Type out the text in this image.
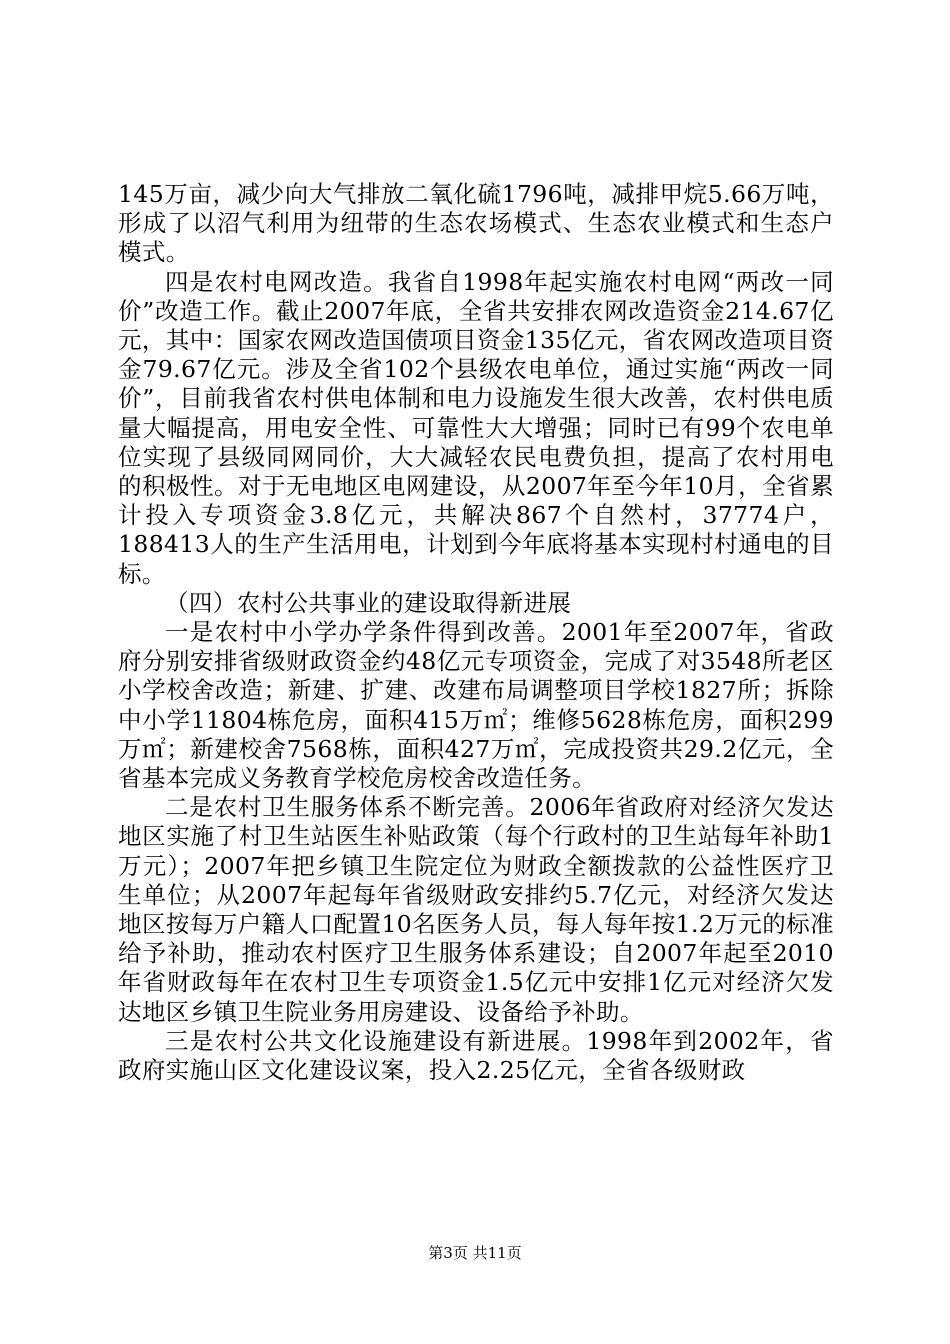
145万亩，减少向大气排放二氧化硫1796吨，减排甲烷5.66万吨，形成了以沼气利用为纽带的生态农场模式、生态农业模式和生态户模式。

四是农村电网改造。我省自1998年起实施农村电网“两改一同价”改造工作。截止2007年底，全省共安排农网改造资金214.67亿元，其中：国家农网改造国债项目资金135亿元，省农网改造项目资金79.67亿元。涉及全省102个县级农电单位，通过实施“两改一同价”，目前我省农村供电体制和电力设施发生很大改善，农村供电质量大幅提高，用电安全性、可靠性大大增强；同时已有99个农电单位实现了县级同网同价，大大减轻农民电费负担，提高了农村用电的积极性。对于无电地区电网建设，从2007年至今年10月，全省累计投入专项资金3.8亿元，共解决867个自然村，37774户，188413人的生产生活用电，计划到今年底将基本实现村村通电的目标。

（四）农村公共事业的建设取得新进展

一是农村中小学办学条件得到改善。2001年至2007年，省政府分别安排省级财政资金约48亿元专项资金，完成了对3548所老区小学校舍改造；新建、扩建、改建布局调整项目学校1827所；拆除中小学11804栋危房，面积415万㎡；维修5628栋危房，面积299万㎡；新建校舍7568栋，面积427万㎡，完成投资共29.2亿元，全省基本完成义务教育学校危房校舍改造任务。

二是农村卫生服务体系不断完善。2006年省政府对经济欠发达地区实施了村卫生站医生补贴政策（每个行政村的卫生站每年补助1万元）；2007年把乡镇卫生院定位为财政全额拨款的公益性医疗卫生单位；从2007年起每年省级财政安排约5.7亿元，对经济欠发达地区按每万户籍人口配置10名医务人员，每人每年按1.2万元的标准给予补助，推动农村医疗卫生服务体系建设；自2007年起至2010年省财政每年在农村卫生专项资金1.5亿元中安排1亿元对经济欠发达地区乡镇卫生院业务用房建设、设备给予补助。

三是农村公共文化设施建设有新进展。1998年到2002年，省政府实施山区文化建设议案，投入2.25亿元，全省各级财政

第3页 共11页
